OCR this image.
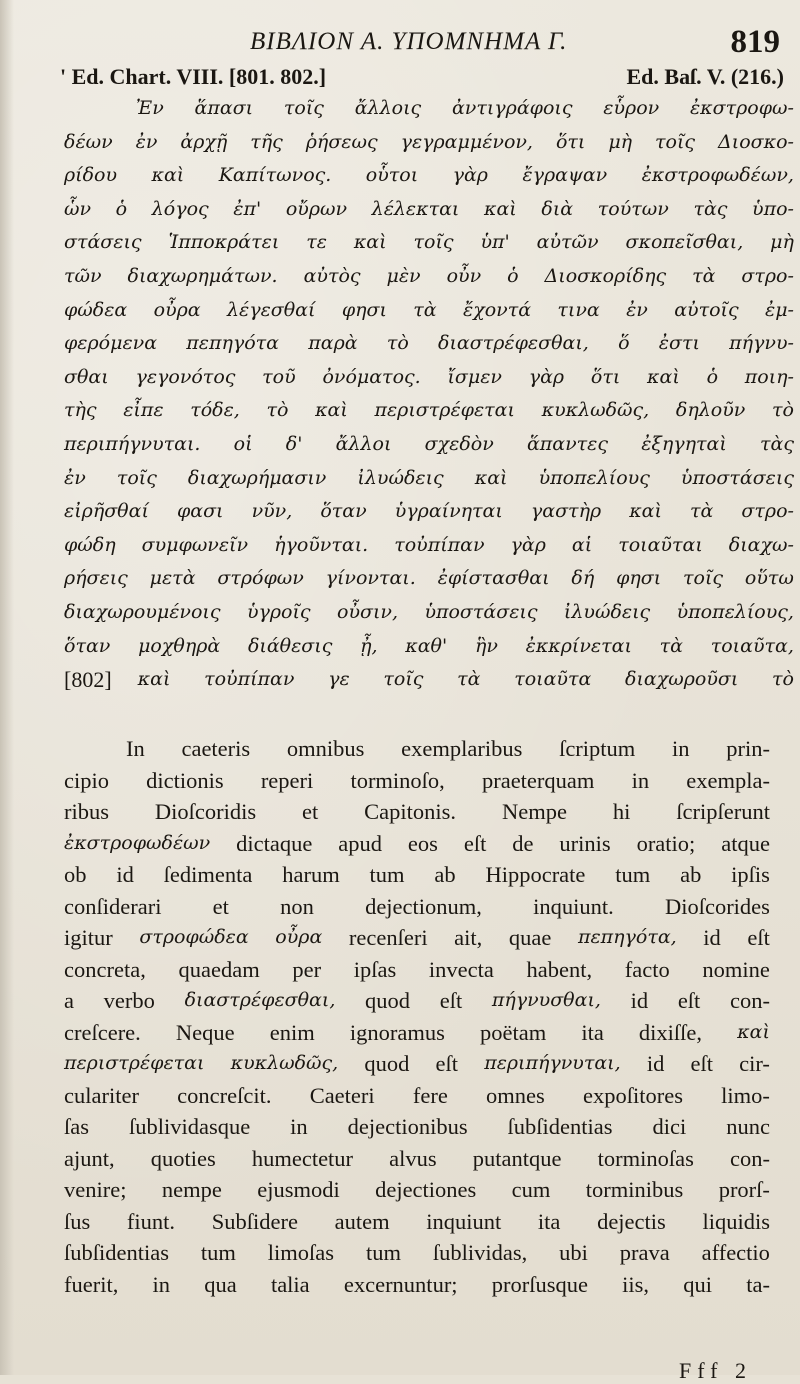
ΒΙΒΛΙΟΝ Α. ΥΠΟΜΝΗΜΑ Γ.	819
' Ed. Chart. VIII. [801. 802.]	Ed. Baſ. V. (216.)
Ἐν ἅπασι τοῖς ἄλλοις ἀντιγράφοις εὗρον ἐκστροφω-
δέων ἐν ἀρχῇ τῆς ῥήσεως γεγραμμένον, ὅτι μὴ τοῖς Διοσκο-
ρίδου καὶ Καπίτωνος. οὗτοι γὰρ ἔγραψαν ἐκστροφωδέων,
ὧν ὁ λόγος ἐπ' οὔρων λέλεκται καὶ διὰ τούτων τὰς ὑπο-
στάσεις Ἱπποκράτει τε καὶ τοῖς ὑπ' αὐτῶν σκοπεῖσθαι, μὴ
τῶν διαχωρημάτων. αὐτὸς μὲν οὖν ὁ Διοσκορίδης τὰ στρο-
φώδεα οὖρα λέγεσθαί φησι τὰ ἔχοντά τινα ἐν αὐτοῖς ἐμ-
φερόμενα πεπηγότα παρὰ τὸ διαστρέφεσθαι, ὅ ἐστι πήγνυ-
σθαι γεγονότος τοῦ ὀνόματος. ἴσμεν γὰρ ὅτι καὶ ὁ ποιη-
τὴς εἶπε τόδε, τὸ καὶ περιστρέφεται κυκλωδῶς, δηλοῦν τὸ
περιπήγνυται. οἱ δ' ἄλλοι σχεδὸν ἅπαντες ἐξηγηταὶ τὰς
ἐν τοῖς διαχωρήμασιν ἰλυώδεις καὶ ὑποπελίους ὑποστάσεις
εἰρῆσθαί φασι νῦν, ὅταν ὑγραίνηται γαστὴρ καὶ τὰ στρο-
φώδη συμφωνεῖν ἡγοῦνται. τοὐπίπαν γὰρ αἱ τοιαῦται διαχω-
ρήσεις μετὰ στρόφων γίνονται. ἐφίστασθαι δή φησι τοῖς οὕτω
διαχωρουμένοις ὑγροῖς οὖσιν, ὑποστάσεις ἰλυώδεις ὑποπελίους,
ὅταν μοχθηρὰ διάθεσις ᾖ, καθ' ἣν ἐκκρίνεται τὰ τοιαῦτα,
[802] καὶ τοὐπίπαν γε τοῖς τὰ τοιαῦτα διαχωροῦσι τὸ
In caeteris omnibus exemplaribus ſcriptum in prin-
cipio dictionis reperi torminoſo, praeterquam in exempla-
ribus Dioſcoridis et Capitonis. Nempe hi ſcripſerunt
ἐκστροφωδέων dictaque apud eos eſt de urinis oratio; atque
ob id ſedimenta harum tum ab Hippocrate tum ab ipſis
conſiderari et non dejectionum, inquiunt. Dioſcorides
igitur στροφώδεα οὖρα recenſeri ait, quae πεπηγότα, id eſt
concreta, quaedam per ipſas invecta habent, facto nomine
a verbo διαστρέφεσθαι, quod eſt πήγνυσθαι, id eſt con-
creſcere. Neque enim ignoramus poëtam ita dixiſſe, καὶ
περιστρέφεται κυκλωδῶς, quod eſt περιπήγνυται, id eſt cir-
culariter concreſcit. Caeteri fere omnes expoſitores limo-
ſas ſublividasque in dejectionibus ſubſidentias dici nunc
ajunt, quoties humectetur alvus putantque torminoſas con-
venire; nempe ejusmodi dejectiones cum torminibus prorſ-
ſus fiunt. Subſidere autem inquiunt ita dejectis liquidis
ſubſidentias tum limoſas tum ſublividas, ubi prava affectio
fuerit, in qua talia excernuntur; prorſusque iis, qui ta-
Fff 2
